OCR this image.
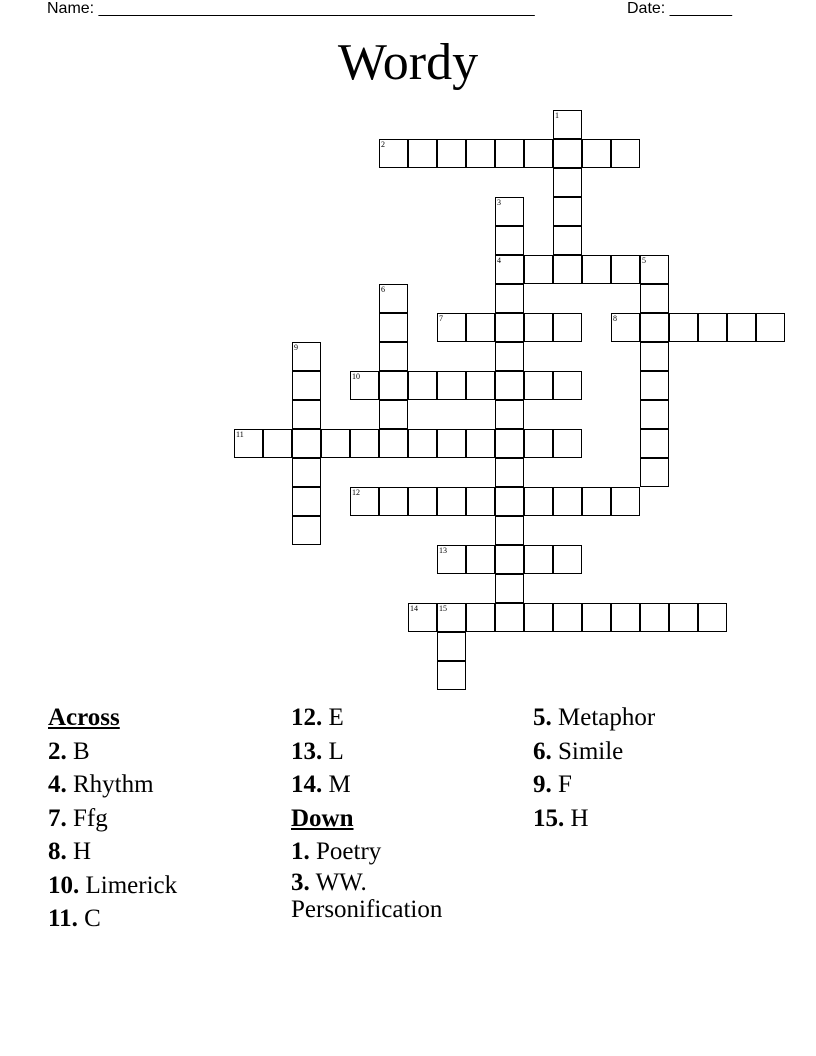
Name: _________________________________________________	Date: _______
Wordy
1
2
3
4	5
6
7	8
9
10
11
12
13
14	15

Across

2. B

4. Rhythm

7. Ffg

8. H

10. Limerick

11. C

12. E

13. L

14. M

Down

1. Poetry

3. WW. Personification

5. Metaphor

6. Simile

9. F

15. H
